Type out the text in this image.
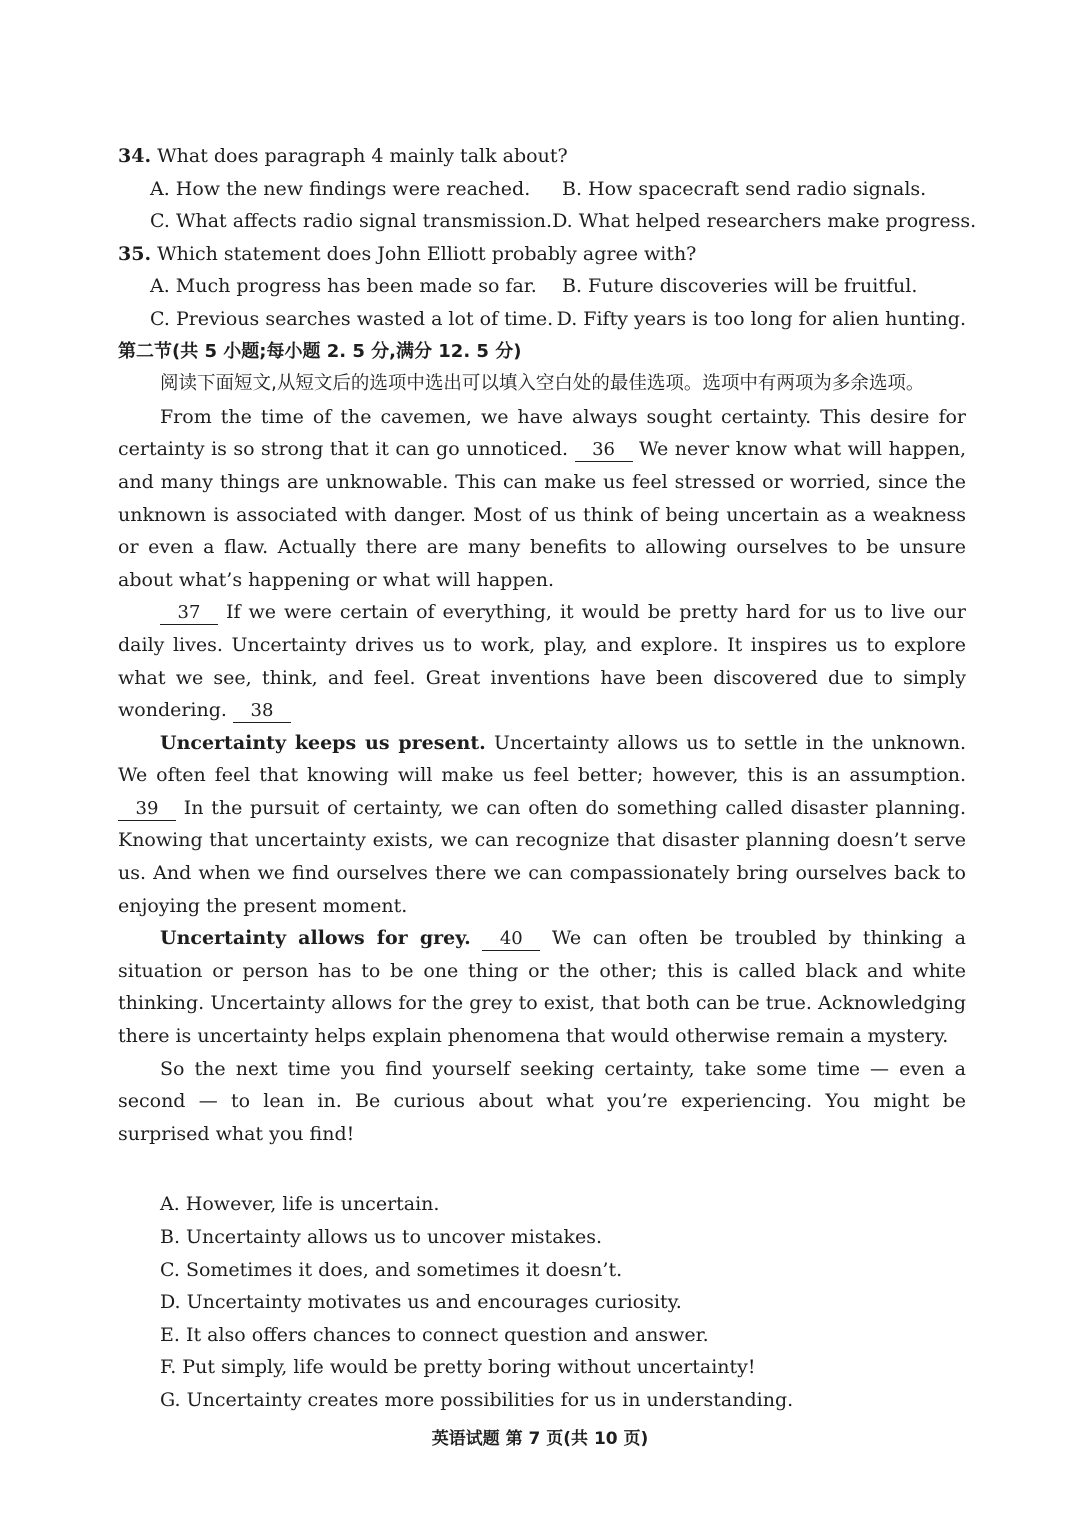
34. What does paragraph 4 mainly talk about?
A. How the new findings were reached.	B. How spacecraft send radio signals.
C. What affects radio signal transmission. D. What helped researchers make progress.
35. Which statement does John Elliott probably agree with?
A. Much progress has been made so far.	B. Future discoveries will be fruitful.
C. Previous searches wasted a lot of time. D. Fifty years is too long for alien hunting.
第二节(共 5 小题;每小题 2. 5 分,满分 12. 5 分)

阅读下面短文,从短文后的选项中选出可以填入空白处的最佳选项。选项中有两项为多余选项。

From the time of the cavemen, we have always sought certainty. This desire for certainty is so strong that it can go unnoticed. 36 We never know what will happen, and many things are unknowable. This can make us feel stressed or worried, since the unknown is associated with danger. Most of us think of being uncertain as a weakness or even a flaw. Actually there are many benefits to allowing ourselves to be unsure about what’s happening or what will happen.

37 If we were certain of everything, it would be pretty hard for us to live our daily lives. Uncertainty drives us to work, play, and explore. It inspires us to explore what we see, think, and feel. Great inventions have been discovered due to simply wondering. 38

Uncertainty keeps us present. Uncertainty allows us to settle in the unknown. We often feel that knowing will make us feel better; however, this is an assumption. 39 In the pursuit of certainty, we can often do something called disaster planning. Knowing that uncertainty exists, we can recognize that disaster planning doesn’t serve us. And when we find ourselves there we can compassionately bring ourselves back to enjoying the present moment.

Uncertainty allows for grey. 40 We can often be troubled by thinking a situation or person has to be one thing or the other; this is called black and white thinking. Uncertainty allows for the grey to exist, that both can be true. Acknowledging there is uncertainty helps explain phenomena that would otherwise remain a mystery.

So the next time you find yourself seeking certainty, take some time — even a second — to lean in. Be curious about what you’re experiencing. You might be surprised what you find!

A. However, life is uncertain.
B. Uncertainty allows us to uncover mistakes.
C. Sometimes it does, and sometimes it doesn’t.
D. Uncertainty motivates us and encourages curiosity.
E. It also offers chances to connect question and answer.
F. Put simply, life would be pretty boring without uncertainty!
G. Uncertainty creates more possibilities for us in understanding.
英语试题 第 7 页(共 10 页)
